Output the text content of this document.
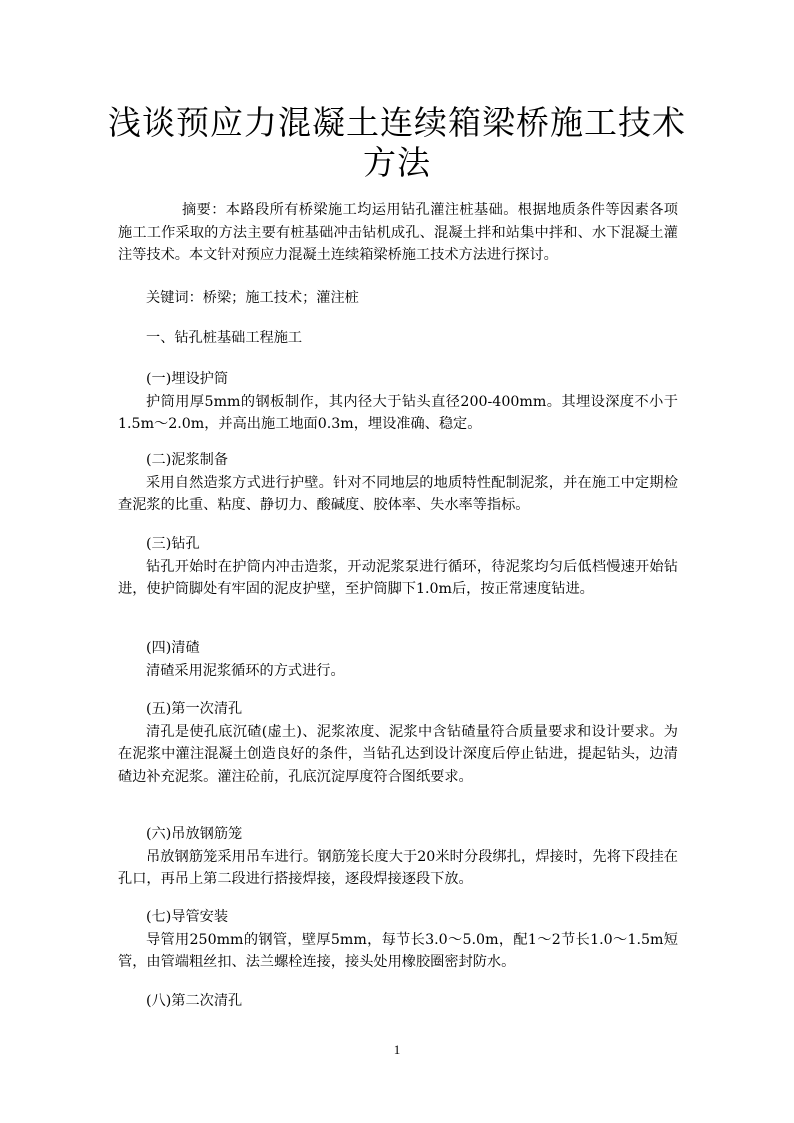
浅谈预应力混凝土连续箱梁桥施工技术
方法

摘要：本路段所有桥梁施工均运用钻孔灌注桩基础。根据地质条件等因素各项施工工作采取的方法主要有桩基础冲击钻机成孔、混凝土拌和站集中拌和、水下混凝土灌注等技术。本文针对预应力混凝土连续箱梁桥施工技术方法进行探讨。

关键词：桥梁；施工技术；灌注桩

一、钻孔桩基础工程施工

(一)埋设护筒

护筒用厚5mm的钢板制作，其内径大于钻头直径200-400mm。其埋设深度不小于1.5m～2.0m，并高出施工地面0.3m，埋设准确、稳定。

(二)泥浆制备

采用自然造浆方式进行护壁。针对不同地层的地质特性配制泥浆，并在施工中定期检查泥浆的比重、粘度、静切力、酸碱度、胶体率、失水率等指标。

(三)钻孔

钻孔开始时在护筒内冲击造浆，开动泥浆泵进行循环，待泥浆均匀后低档慢速开始钻进，使护筒脚处有牢固的泥皮护壁，至护筒脚下1.0m后，按正常速度钻进。

(四)清碴

清碴采用泥浆循环的方式进行。

(五)第一次清孔

清孔是使孔底沉碴(虚土)、泥浆浓度、泥浆中含钻碴量符合质量要求和设计要求。为在泥浆中灌注混凝土创造良好的条件，当钻孔达到设计深度后停止钻进，提起钻头，边清碴边补充泥浆。灌注砼前，孔底沉淀厚度符合图纸要求。

(六)吊放钢筋笼

吊放钢筋笼采用吊车进行。钢筋笼长度大于20米时分段绑扎，焊接时，先将下段挂在孔口，再吊上第二段进行搭接焊接，逐段焊接逐段下放。

(七)导管安装

导管用250mm的钢管，壁厚5mm，每节长3.0～5.0m，配1～2节长1.0～1.5m短管，由管端粗丝扣、法兰螺栓连接，接头处用橡胶圈密封防水。

(八)第二次清孔

1
